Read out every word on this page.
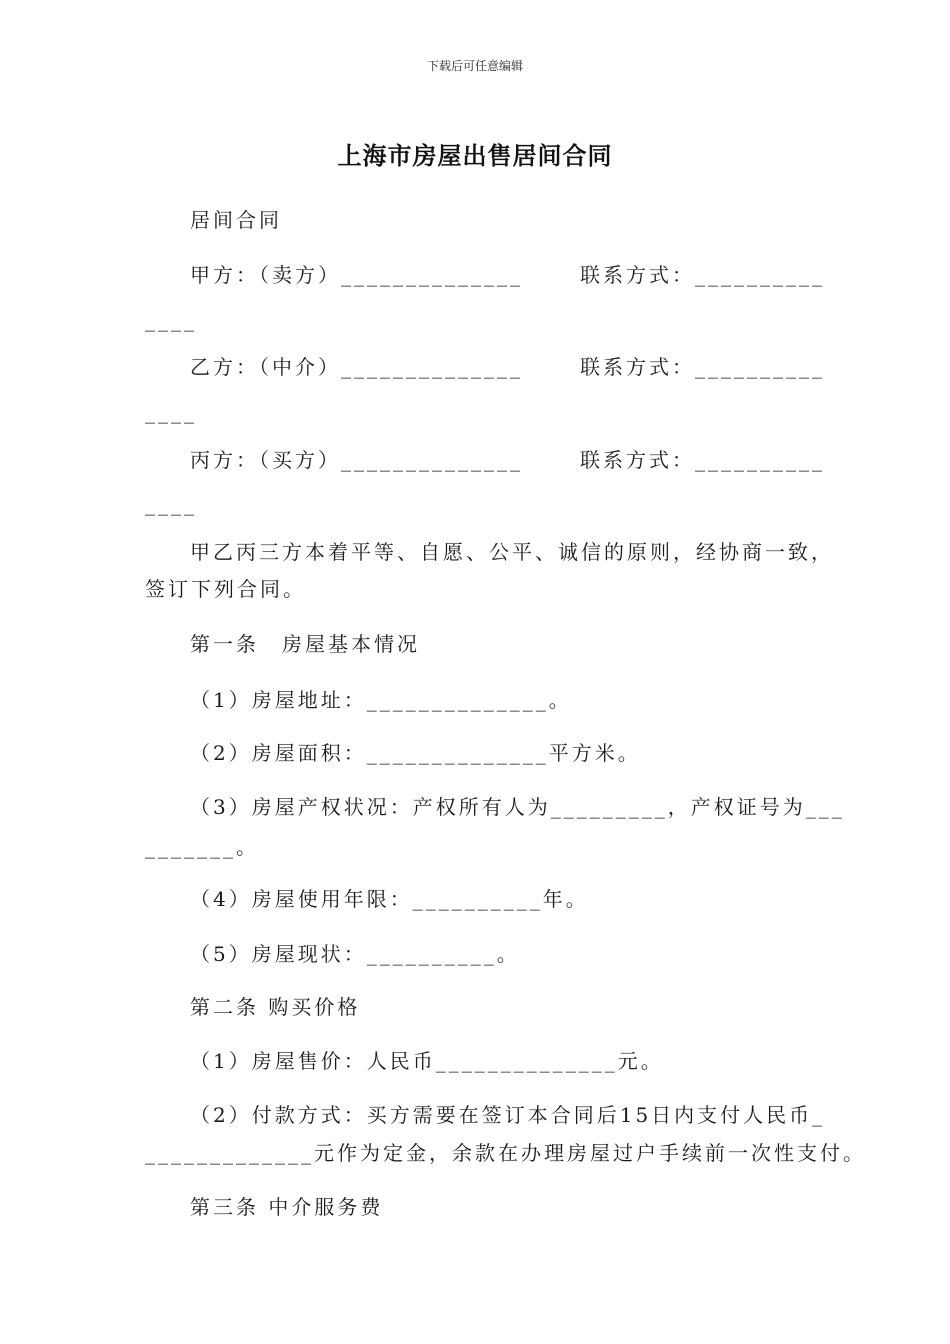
下载后可任意编辑
上海市房屋出售居间合同
居间合同
甲方：（卖方）______________	联系方式：__________
____
乙方：（中介）______________	联系方式：__________
____
丙方：（买方）______________	联系方式：__________
____
甲乙丙三方本着平等、自愿、公平、诚信的原则，经协商一致，
签订下列合同。
第一条　房屋基本情况
（1）房屋地址：______________。
（2）房屋面积：______________平方米。
（3）房屋产权状况：产权所有人为_________，产权证号为___
_______。
（4）房屋使用年限：__________年。
（5）房屋现状：__________。
第二条 购买价格
（1）房屋售价：人民币______________元。
（2）付款方式：买方需要在签订本合同后15日内支付人民币_
_____________元作为定金，余款在办理房屋过户手续前一次性支付。
第三条 中介服务费
